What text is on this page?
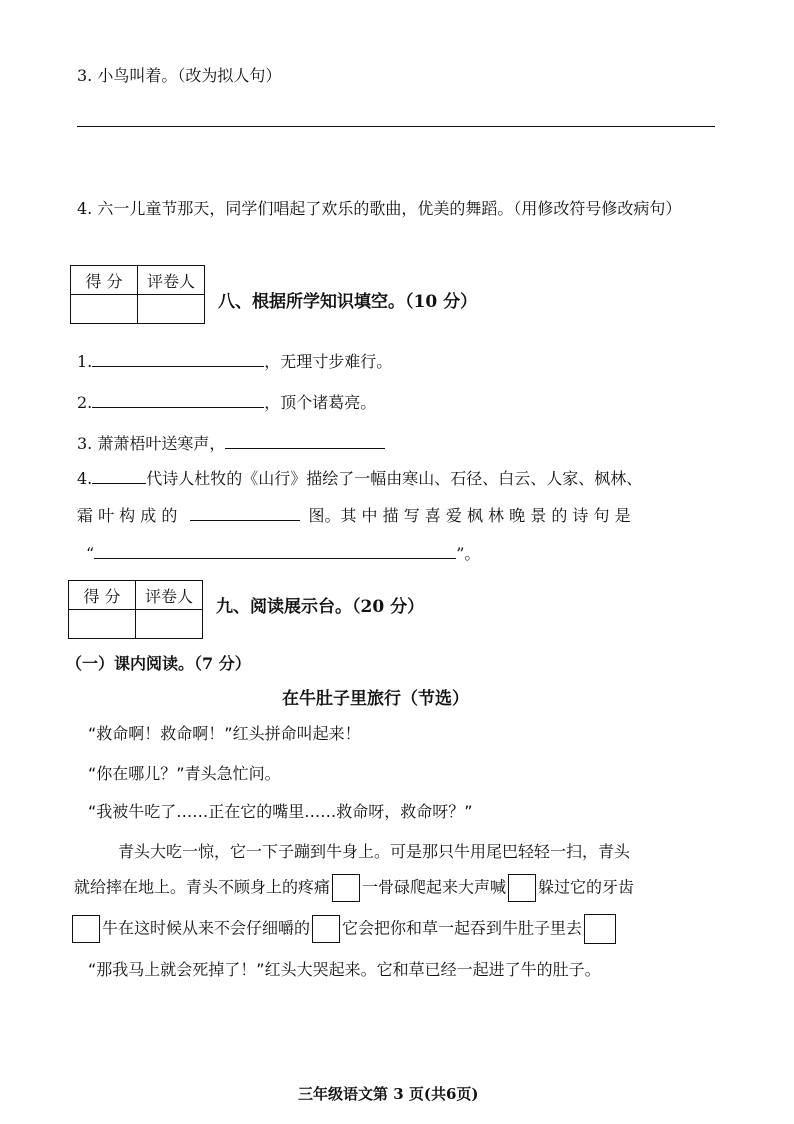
3. 小鸟叫着。（改为拟人句）
4. 六一儿童节那天，同学们唱起了欢乐的歌曲，优美的舞蹈。（用修改符号修改病句）
得 分	评卷人

八、根据所学知识填空。（10 分）
1.	，无理寸步难行。
2.	，顶个诸葛亮。
3. 萧萧梧叶送寒声，
4.	代诗人杜牧的《山行》描绘了一幅由寒山、石径、白云、人家、枫林、
霜 叶 构 成 的	图。其 中 描 写 喜 爱 枫 林 晚 景 的 诗 句 是
“	”。
得 分	评卷人

九、阅读展示台。（20 分）
（一）课内阅读。（7 分）
在牛肚子里旅行（节选）
“救命啊！救命啊！”红头拼命叫起来！
“你在哪儿？”青头急忙问。
“我被牛吃了……正在它的嘴里……救命呀，救命呀？”
青头大吃一惊，它一下子蹦到牛身上。可是那只牛用尾巴轻轻一扫，青头
就给摔在地上。青头不顾身上的疼痛 一骨碌爬起来大声喊 躲过它的牙齿
牛在这时候从来不会仔细嚼的 它会把你和草一起吞到牛肚子里去
“那我马上就会死掉了！”红头大哭起来。它和草已经一起进了牛的肚子。
三年级语文第 3 页(共6页)
